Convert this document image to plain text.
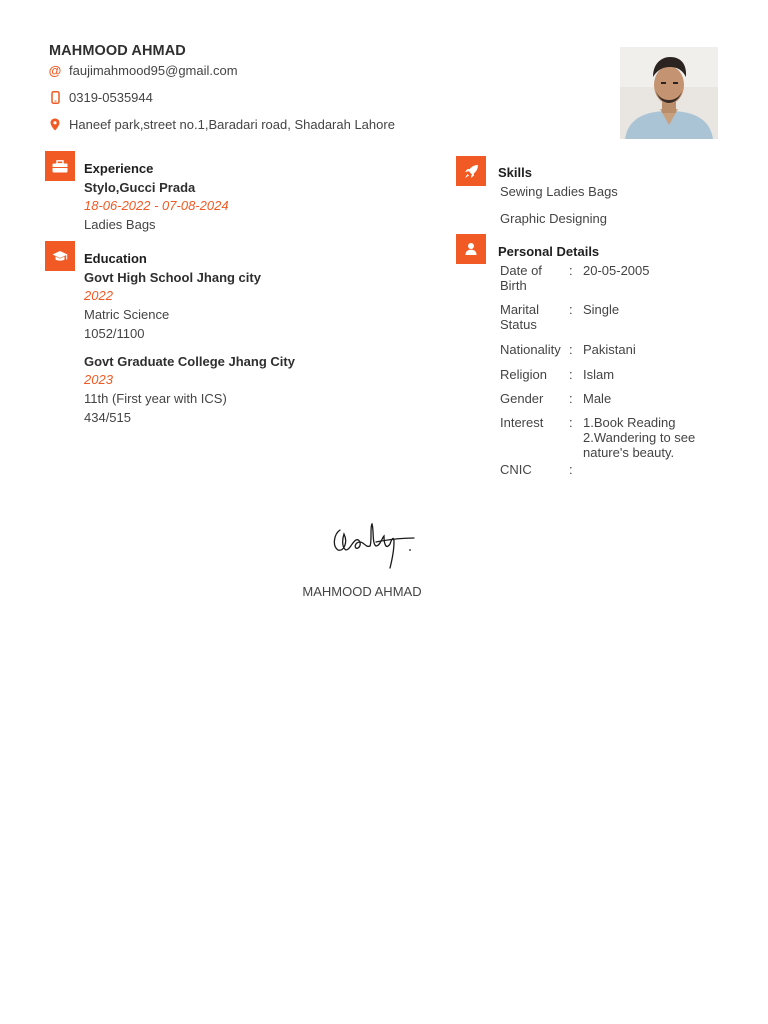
MAHMOOD AHMAD
@ faujimahmood95@gmail.com
0319-0535944
Haneef park,street no.1,Baradari road, Shadarah Lahore
Experience
Stylo,Gucci Prada
18-06-2022 - 07-08-2024
Ladies Bags
Education
Govt High School Jhang city
2022
Matric Science
1052/1100
Govt Graduate College Jhang City
2023
11th (First year with ICS)
434/515
Skills
Sewing Ladies Bags
Graphic Designing
Personal Details
Date of Birth
: 20-05-2005
Marital Status
: Single
Nationality : Pakistani
Religion	: Islam
Gender	: Male
Interest	: 1.Book Reading 2.Wandering to see nature's beauty.
CNIC	:
MAHMOOD AHMAD
